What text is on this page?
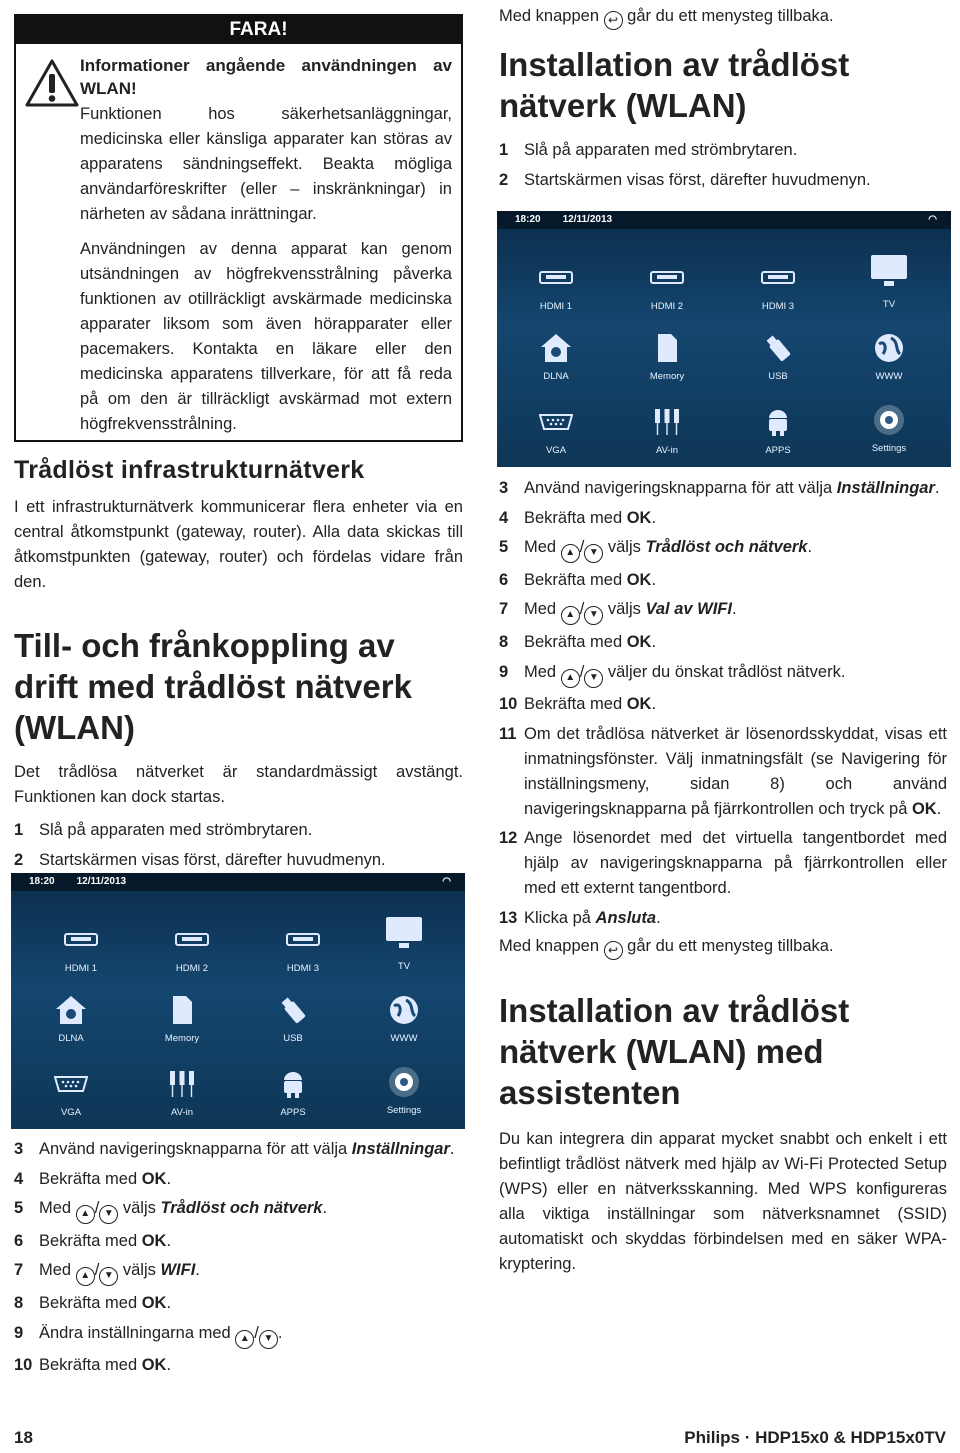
FARA!

Informationer angående användningen av WLAN!

Funktionen hos säkerhetsanläggningar, medicinska eller känsliga apparater kan störas av apparatens sändningseffekt. Beakta mögliga användarföreskrifter (eller – inskränkningar) in närheten av sådana inrättningar.

Användningen av denna apparat kan genom utsändningen av högfrekvensstrålning påverka funktionen av otillräckligt avskärmade medicinska apparater liksom som även hörapparater eller pacemakers. Kontakta en läkare eller den medicinska apparatens tillverkare, för att få reda på om den är tillräckligt avskärmad mot extern högfrekvensstrålning.

Trådlöst infrastrukturnätverk

I ett infrastrukturnätverk kommunicerar flera enheter via en central åtkomstpunkt (gateway, router). Alla data skickas till åtkomstpunkten (gateway, router) och fördelas vidare från den.

Till- och frånkoppling av drift med trådlöst nätverk (WLAN)

Det trådlösa nätverket är standardmässigt avstängt. Funktionen kan dock startas.

1 Slå på apparaten med strömbrytaren.
2 Startskärmen visas först, därefter huvudmenyn.
18:20 12/11/2013	◠
HDMI 1	HDMI 2	HDMI 3	TV
DLNA	Memory	USB	WWW
VGA	AV-in	APPS	Settings
3 Använd navigeringsknapparna för att välja Inställningar.
4 Bekräfta med OK.
5 Med ▲ / ▼ väljs Trådlöst och nätverk.
6 Bekräfta med OK.
7 Med ▲ / ▼ väljs WIFI.
8 Bekräfta med OK.
9 Ändra inställningarna med ▲ / ▼ .
10 Bekräfta med OK.

Med knappen ↩ går du ett menysteg tillbaka.

Installation av trådlöst nätverk (WLAN)
1 Slå på apparaten med strömbrytaren.
2 Startskärmen visas först, därefter huvudmenyn.
18:20 12/11/2013	◠
HDMI 1	HDMI 2	HDMI 3	TV
DLNA	Memory	USB	WWW
VGA	AV-in	APPS	Settings
3 Använd navigeringsknapparna för att välja Inställningar.
4 Bekräfta med OK.
5 Med ▲ / ▼ väljs Trådlöst och nätverk.
6 Bekräfta med OK.
7 Med ▲ / ▼ väljs Val av WIFI.
8 Bekräfta med OK.
9 Med ▲ / ▼ väljer du önskat trådlöst nätverk.
10 Bekräfta med OK.
11 Om det trådlösa nätverket är lösenordsskyddat, visas ett inmatningsfönster. Välj inmatningsfält (se Navigering för inställningsmeny, sidan 8) och använd navigeringsknapparna på fjärrkontrollen och tryck på OK.
12 Ange lösenordet med det virtuella tangentbordet med hjälp av navigeringsknapparna på fjärrkontrollen eller med ett externt tangentbord.
13 Klicka på Ansluta.

Med knappen ↩ går du ett menysteg tillbaka.

Installation av trådlöst nätverk (WLAN) med assistenten

Du kan integrera din apparat mycket snabbt och enkelt i ett befintligt trådlöst nätverk med hjälp av Wi-Fi Protected Setup (WPS) eller en nätverksskanning. Med WPS konfigureras alla viktiga inställningar som nätverksnamnet (SSID) automatiskt och skyddas förbindelsen med en säker WPA-kryptering.

18	Philips · HDP15x0 & HDP15x0TV
